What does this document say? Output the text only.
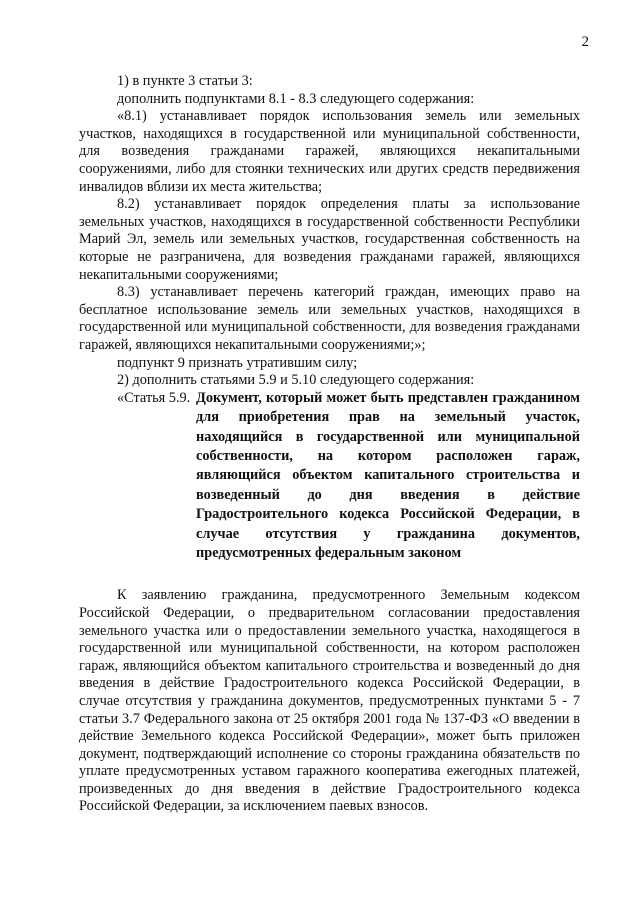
2

1) в пункте 3 статьи 3:

дополнить подпунктами 8.1 - 8.3 следующего содержания:

«8.1) устанавливает порядок использования земель или земельных участков, находящихся в государственной или муниципальной собственности, для возведения гражданами гаражей, являющихся некапитальными сооружениями, либо для стоянки технических или других средств передвижения инвалидов вблизи их места жительства;

8.2) устанавливает порядок определения платы за использование земельных участков, находящихся в государственной собственности Республики Марий Эл, земель или земельных участков, государственная собственность на которые не разграничена, для возведения гражданами гаражей, являющихся некапитальными сооружениями;

8.3) устанавливает перечень категорий граждан, имеющих право на бесплатное использование земель или земельных участков, находящихся в государственной или муниципальной собственности, для возведения гражданами гаражей, являющихся некапитальными сооружениями;»;

подпункт 9 признать утратившим силу;

2) дополнить статьями 5.9 и 5.10 следующего содержания:

«Статья 5.9. Документ, который может быть представлен гражданином для приобретения прав на земельный участок, находящийся в государственной или муниципальной собственности, на котором расположен гараж, являющийся объектом капитального строительства и возведенный до дня введения в действие Градостроительного кодекса Российской Федерации, в случае отсутствия у гражданина документов, предусмотренных федеральным законом

К заявлению гражданина, предусмотренного Земельным кодексом Российской Федерации, о предварительном согласовании предоставления земельного участка или о предоставлении земельного участка, находящегося в государственной или муниципальной собственности, на котором расположен гараж, являющийся объектом капитального строительства и возведенный до дня введения в действие Градостроительного кодекса Российской Федерации, в случае отсутствия у гражданина документов, предусмотренных пунктами 5 - 7 статьи 3.7 Федерального закона от 25 октября 2001 года № 137-ФЗ «О введении в действие Земельного кодекса Российской Федерации», может быть приложен документ, подтверждающий исполнение со стороны гражданина обязательств по уплате предусмотренных уставом гаражного кооператива ежегодных платежей, произведенных до дня введения в действие Градостроительного кодекса Российской Федерации, за исключением паевых взносов.
